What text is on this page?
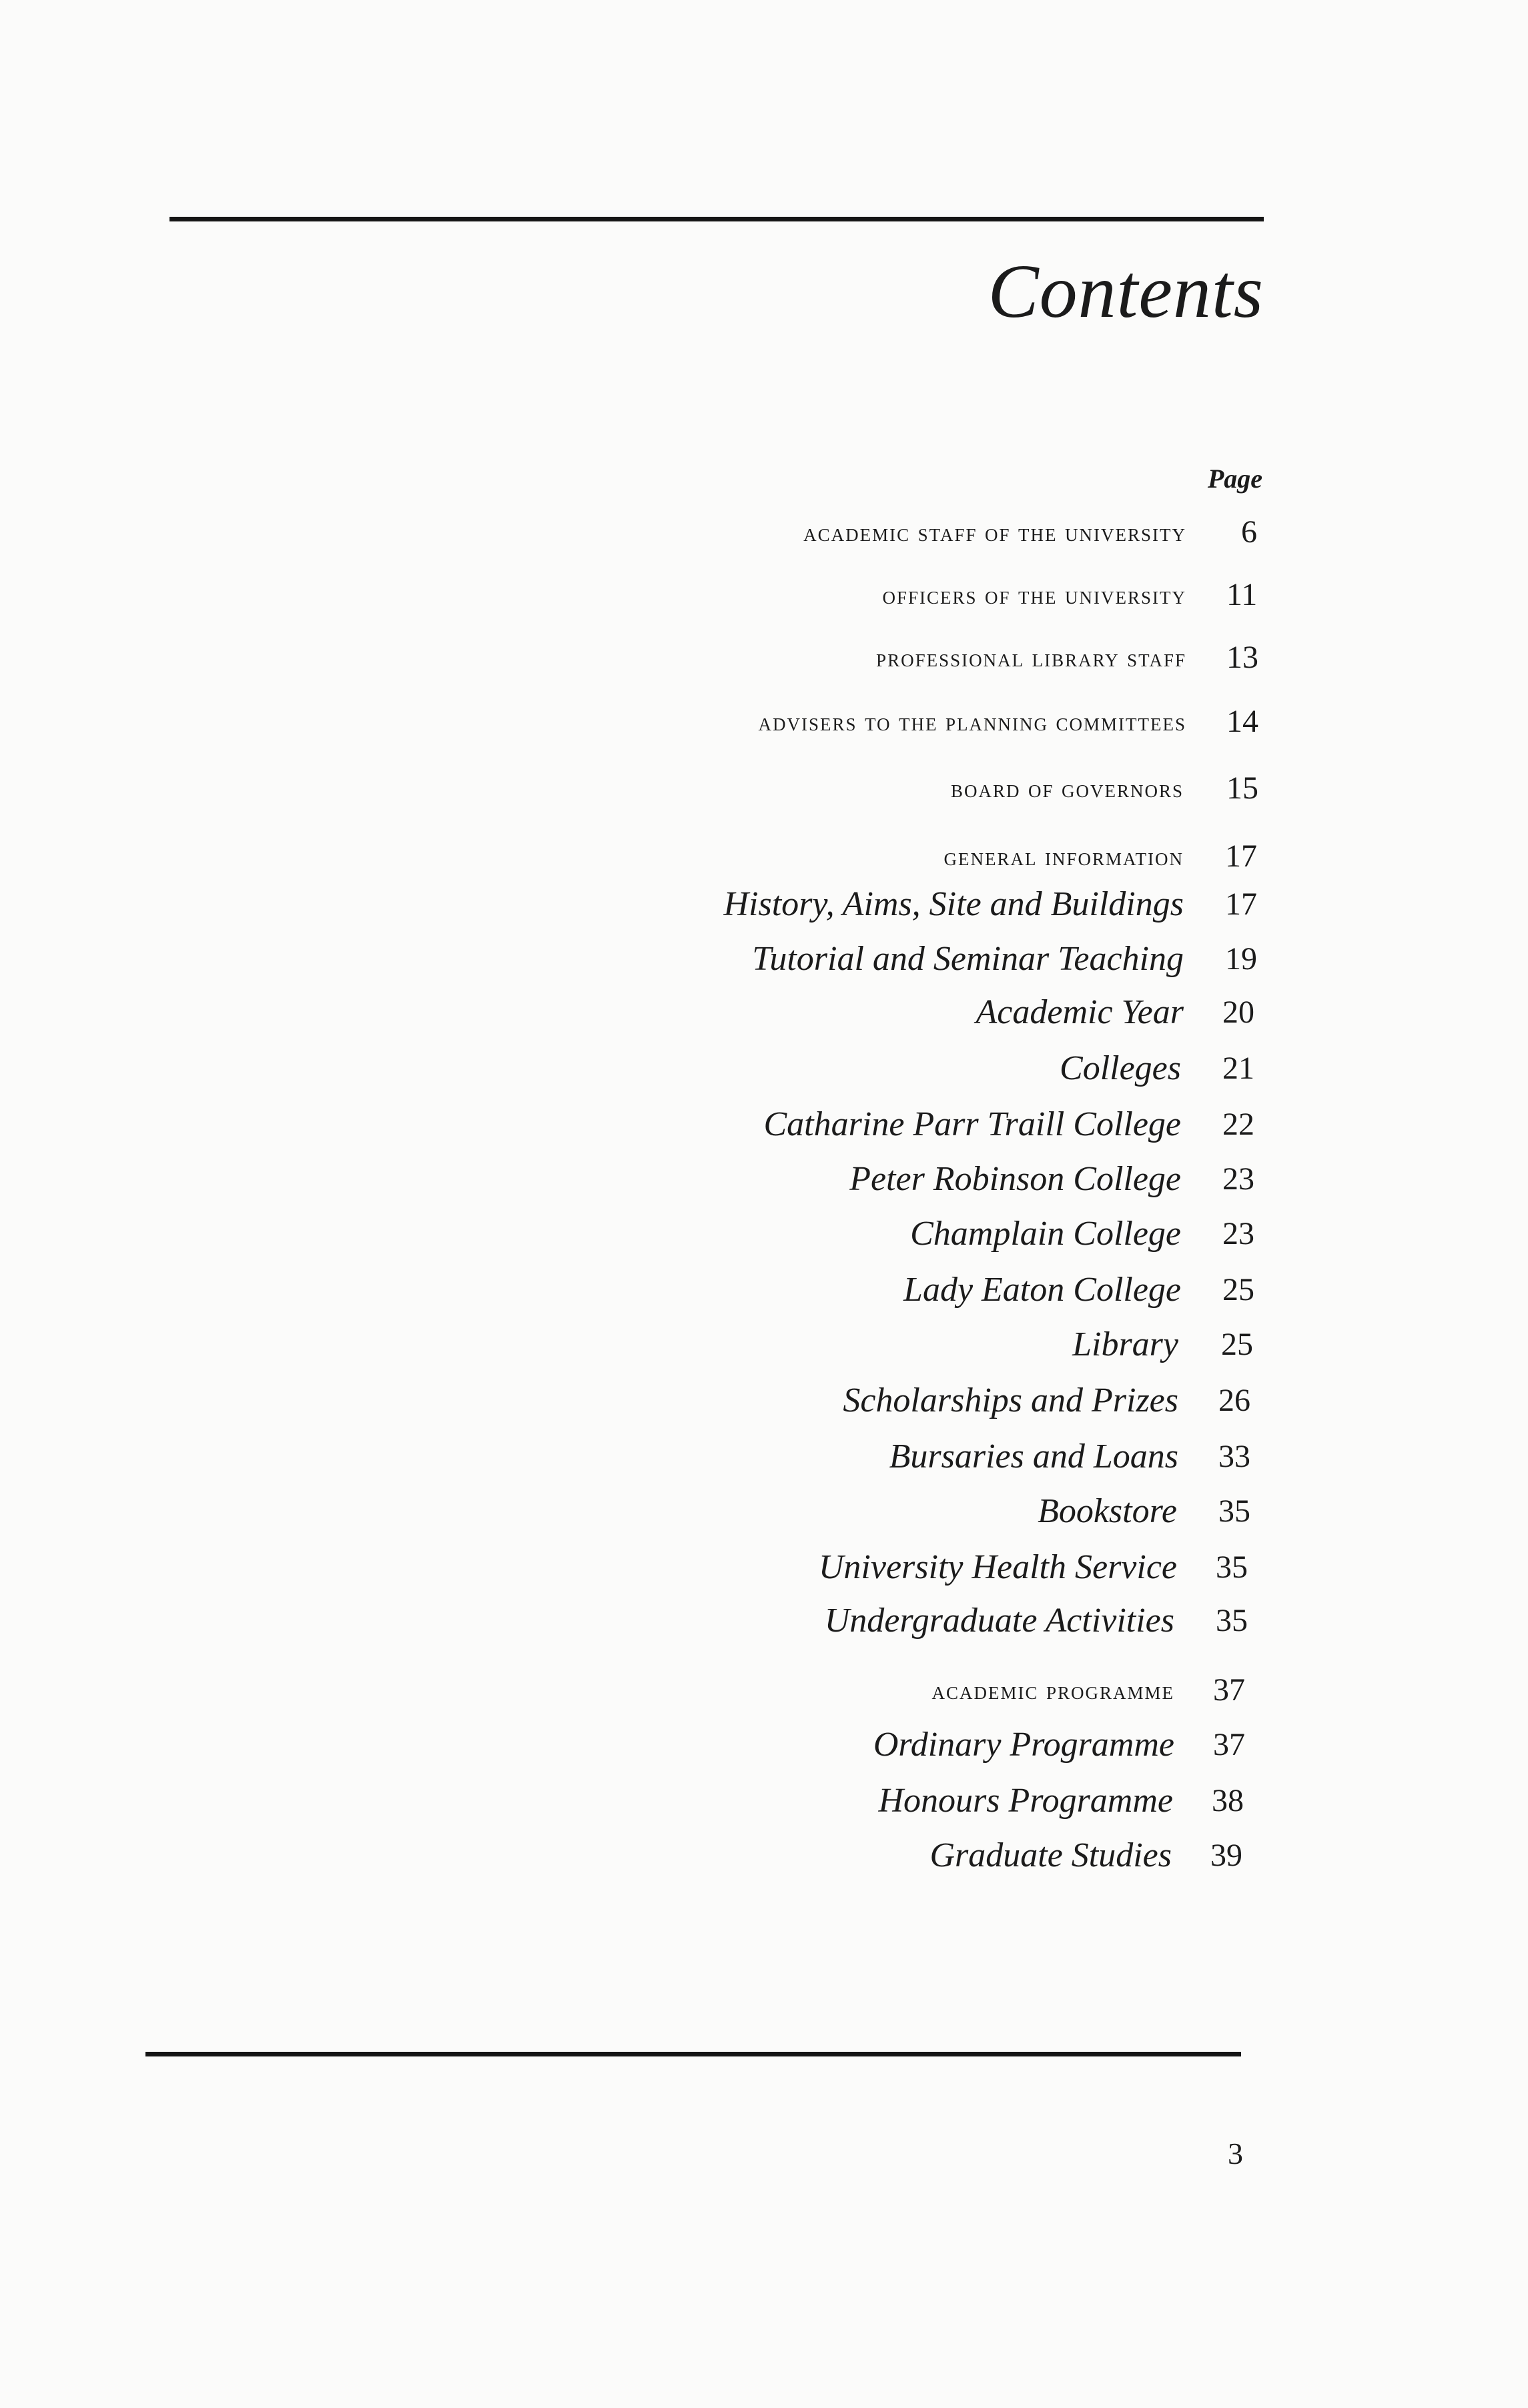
Contents
Page
academic staff of the university 6
officers of the university 11
professional library staff 13
advisers to the planning committees 14
board of governors 15
general information 17
History, Aims, Site and Buildings 17
Tutorial and Seminar Teaching 19
Academic Year 20
Colleges 21
Catharine Parr Traill College 22
Peter Robinson College 23
Champlain College 23
Lady Eaton College 25
Library 25
Scholarships and Prizes 26
Bursaries and Loans 33
Bookstore 35
University Health Service 35
Undergraduate Activities 35
academic programme 37
Ordinary Programme 37
Honours Programme 38
Graduate Studies 39
3
